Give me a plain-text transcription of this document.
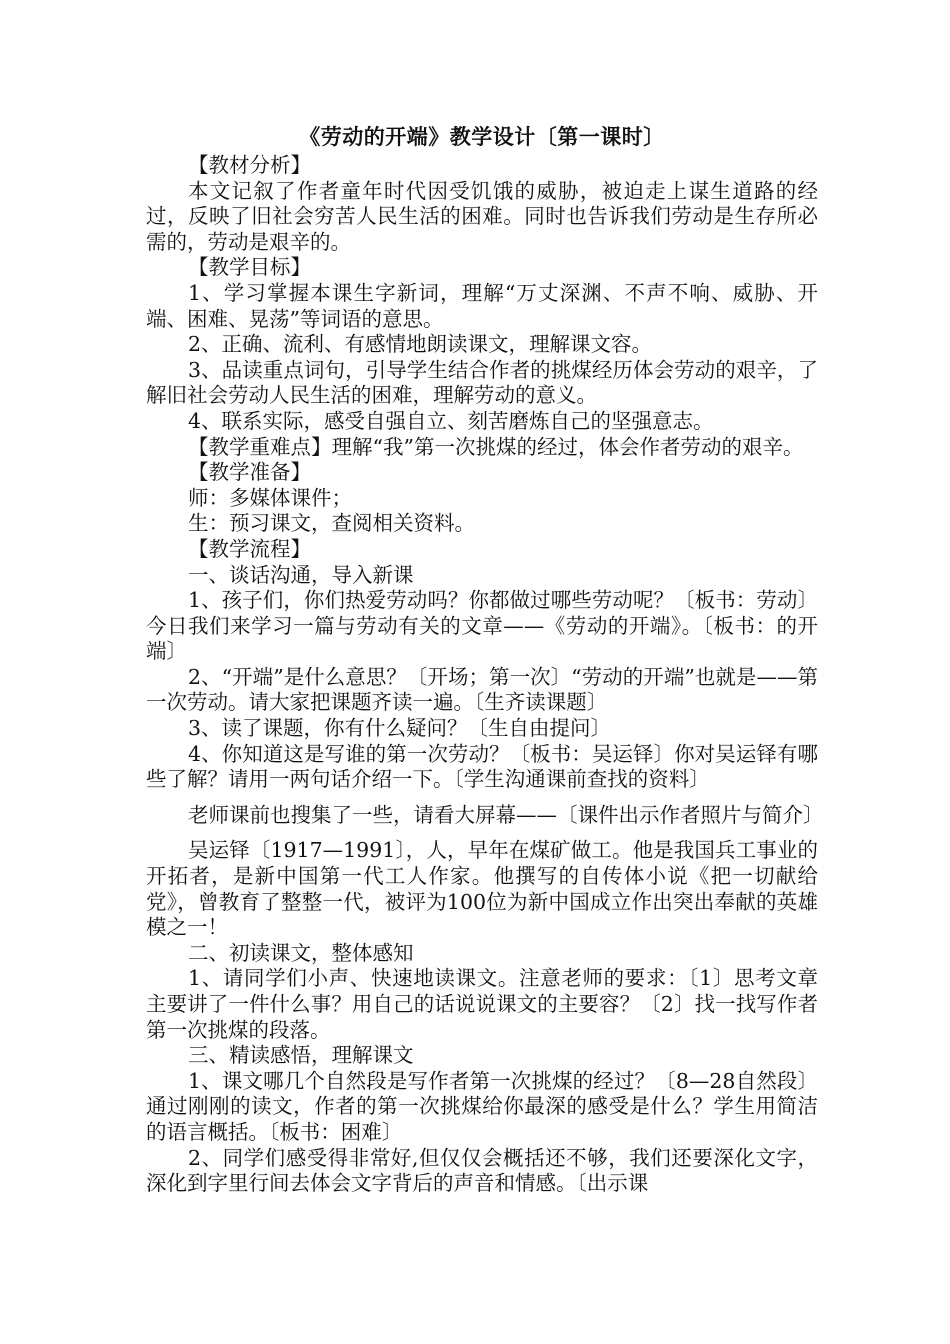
《劳动的开端》教学设计〔第一课时〕

【教材分析】

本文记叙了作者童年时代因受饥饿的威胁，被迫走上谋生道路的经过，反映了旧社会穷苦人民生活的困难。同时也告诉我们劳动是生存所必需的，劳动是艰辛的。

【教学目标】

1、学习掌握本课生字新词，理解“万丈深渊、不声不响、威胁、开端、困难、晃荡”等词语的意思。

2、正确、流利、有感情地朗读课文，理解课文容。

3、品读重点词句，引导学生结合作者的挑煤经历体会劳动的艰辛，了解旧社会劳动人民生活的困难，理解劳动的意义。

4、联系实际，感受自强自立、刻苦磨炼自己的坚强意志。

【教学重难点】理解“我”第一次挑煤的经过，体会作者劳动的艰辛。

【教学准备】

师：多媒体课件；

生：预习课文，查阅相关资料。

【教学流程】

一、谈话沟通，导入新课

1、孩子们，你们热爱劳动吗？你都做过哪些劳动呢？〔板书：劳动〕今日我们来学习一篇与劳动有关的文章——《劳动的开端》。〔板书：的开端〕

2、“开端”是什么意思？〔开场；第一次〕“劳动的开端”也就是——第一次劳动。请大家把课题齐读一遍。〔生齐读课题〕

3、读了课题，你有什么疑问？〔生自由提问〕

4、你知道这是写谁的第一次劳动？〔板书：吴运铎〕你对吴运铎有哪些了解？请用一两句话介绍一下。〔学生沟通课前查找的资料〕

老师课前也搜集了一些，请看大屏幕——〔课件出示作者照片与简介〕

吴运铎〔1917—1991〕，人，早年在煤矿做工。他是我国兵工事业的开拓者，是新中国第一代工人作家。他撰写的自传体小说《把一切献给党》，曾教育了整整一代，被评为100位为新中国成立作出突出奉献的英雄模之一！

二、初读课文，整体感知

1、请同学们小声、快速地读课文。注意老师的要求：〔1〕思考文章主要讲了一件什么事？用自己的话说说课文的主要容？〔2〕找一找写作者第一次挑煤的段落。

三、精读感悟，理解课文

1、课文哪几个自然段是写作者第一次挑煤的经过？〔8—28自然段〕通过刚刚的读文，作者的第一次挑煤给你最深的感受是什么？学生用简洁的语言概括。〔板书：困难〕

2、同学们感受得非常好,但仅仅会概括还不够，我们还要深化文字，深化到字里行间去体会文字背后的声音和情感。〔出示课
